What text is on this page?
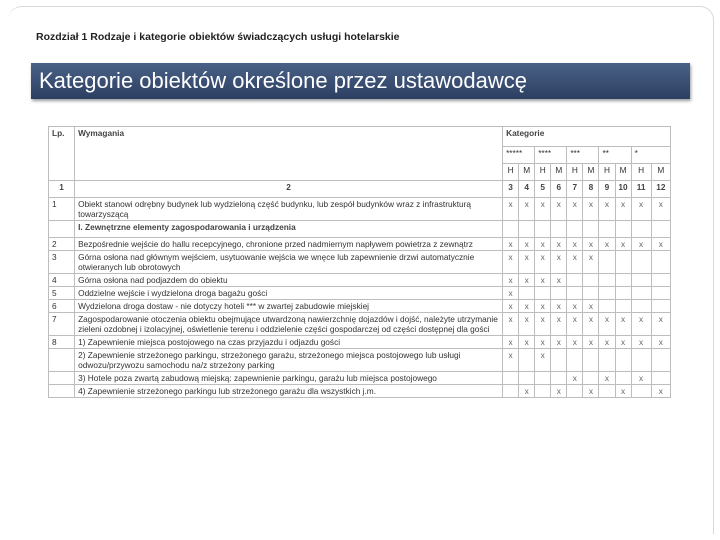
Rozdział 1 Rodzaje i kategorie obiektów świadczących usługi hotelarskie
Kategorie obiektów określone przez ustawodawcę
Lp.	Wymagania	Kategorie									
		*****		****		***		**		*	
		H	M	H	M	H	M	H	M	H	M
1	2	3	4	5	6	7	8	9	10	11	12
1	Obiekt stanowi odrębny budynek lub wydzieloną część budynku, lub zespół budynków wraz z infrastrukturą towarzyszącą	x	x	x	x	x	x	x	x	x	x
	I. Zewnętrzne elementy zagospodarowania i urządzenia										
2	Bezpośrednie wejście do hallu recepcyjnego, chronione przed nadmiernym napływem powietrza z zewnątrz	x	x	x	x	x	x	x	x	x	x
3	Górna osłona nad głównym wejściem, usytuowanie wejścia we wnęce lub zapewnienie drzwi automatycznie otwieranych lub obrotowych	x	x	x	x	x	x				
4	Górna osłona nad podjazdem do obiektu	x	x	x	x						
5	Oddzielne wejście i wydzielona droga bagażu gości	x									
6	Wydzielona droga dostaw - nie dotyczy hoteli *** w zwartej zabudowie miejskiej	x	x	x	x	x	x				
7	Zagospodarowanie otoczenia obiektu obejmujące utwardzoną nawierzchnię dojazdów i dojść, należyte utrzymanie zieleni ozdobnej i izolacyjnej, oświetlenie terenu i oddzielenie części gospodarczej od części dostępnej dla gości	x	x	x	x	x	x	x	x	x	x
8	1) Zapewnienie miejsca postojowego na czas przyjazdu i odjazdu gości	x	x	x	x	x	x	x	x	x	x
	2) Zapewnienie strzeżonego parkingu, strzeżonego garażu, strzeżonego miejsca postojowego lub usługi odwozu/przywozu samochodu na/z strzeżony parking	x		x							
	3) Hotele poza zwartą zabudową miejską: zapewnienie parkingu, garażu lub miejsca postojowego					x		x		x	
	4) Zapewnienie strzeżonego parkingu lub strzeżonego garażu dla wszystkich j.m.		x		x		x		x		x
